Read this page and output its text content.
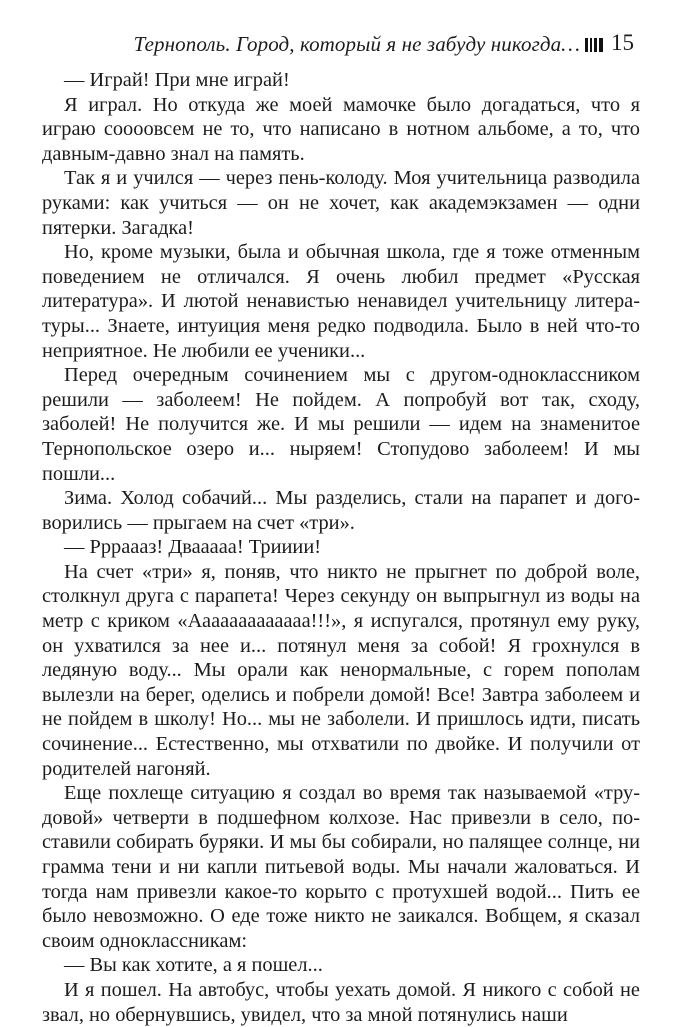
Тернополь. Город, который я не забуду никогда… 15

— Играй! При мне играй!

Я играл. Но откуда же моей мамочке было догадаться, что я играю соооовсем не то, что написано в нотном альбоме, а то, что давным-давно знал на память.

Так я и учился — через пень-колоду. Моя учительница разводила руками: как учиться — он не хочет, как академэкзамен — одни пятерки. Загадка!

Но, кроме музыки, была и обычная школа, где я тоже отменным поведением не отличался. Я очень любил предмет «Русская литература». И лютой ненавистью ненавидел учительницу литературы... Знаете, интуиция меня редко подводила. Было в ней что-то неприятное. Не любили ее ученики...

Перед очередным сочинением мы с другом-одноклассником решили — заболеем! Не пойдем. А попробуй вот так, сходу, заболей! Не получится же. И мы решили — идем на знаменитое Тернопольское озеро и... ныряем! Стопудово заболеем! И мы пошли...

Зима. Холод собачий... Мы разделись, стали на парапет и договорились — прыгаем на счет «три».

— Ррраааз! Двааааа! Трииии!

На счет «три» я, поняв, что никто не прыгнет по доброй воле, столкнул друга с парапета! Через секунду он выпрыгнул из воды на метр с криком «Ааааааааааааа!!!», я испугался, протянул ему руку, он ухватился за нее и... потянул меня за собой! Я грохнулся в ледяную воду... Мы орали как ненормальные, с горем пополам вылезли на берег, оделись и побрели домой! Все! Завтра заболеем и не пойдем в школу! Но... мы не заболели. И пришлось идти, писать сочинение... Естественно, мы отхватили по двойке. И получили от родителей нагоняй.

Еще похлеще ситуацию я создал во время так называемой «трудовой» четверти в подшефном колхозе. Нас привезли в село, поставили собирать буряки. И мы бы собирали, но палящее солнце, ни грамма тени и ни капли питьевой воды. Мы начали жаловаться. И тогда нам привезли какое-то корыто с протухшей водой... Пить ее было невозможно. О еде тоже никто не заикался. Вобщем, я сказал своим одноклассникам:

— Вы как хотите, а я пошел...

И я пошел. На автобус, чтобы уехать домой. Я никого с собой не звал, но обернувшись, увидел, что за мной потянулись наши
